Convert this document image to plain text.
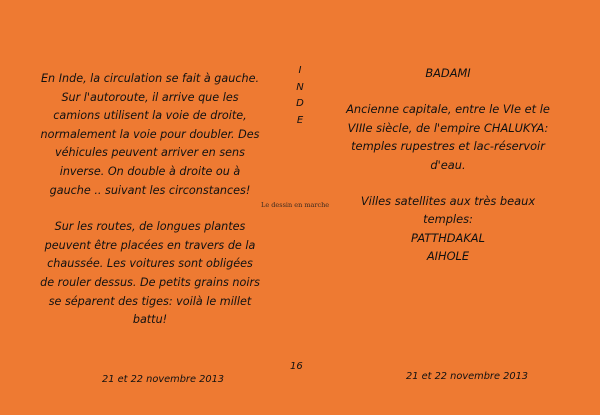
En Inde, la circulation se fait à gauche. Sur l'autoroute, il arrive que les camions utilisent la voie de droite, normalement la voie pour doubler. Des véhicules peuvent arriver en sens inverse. On double à droite ou à gauche .. suivant les circonstances!

Sur les routes, de longues plantes peuvent être placées en travers de la chaussée. Les voitures sont obligées de rouler dessus. De petits grains noirs se séparent des tiges: voilà le millet battu!

I
N
D
E
Le dessin en marche

BADAMI

Ancienne capitale, entre le VIe et le VIIIe siècle, de l'empire CHALUKYA: temples rupestres et lac-réservoir d'eau.

Villes satellites aux très beaux temples:
PATTHDAKAL
AIHOLE

16
21 et 22 novembre 2013	21 et 22 novembre 2013
